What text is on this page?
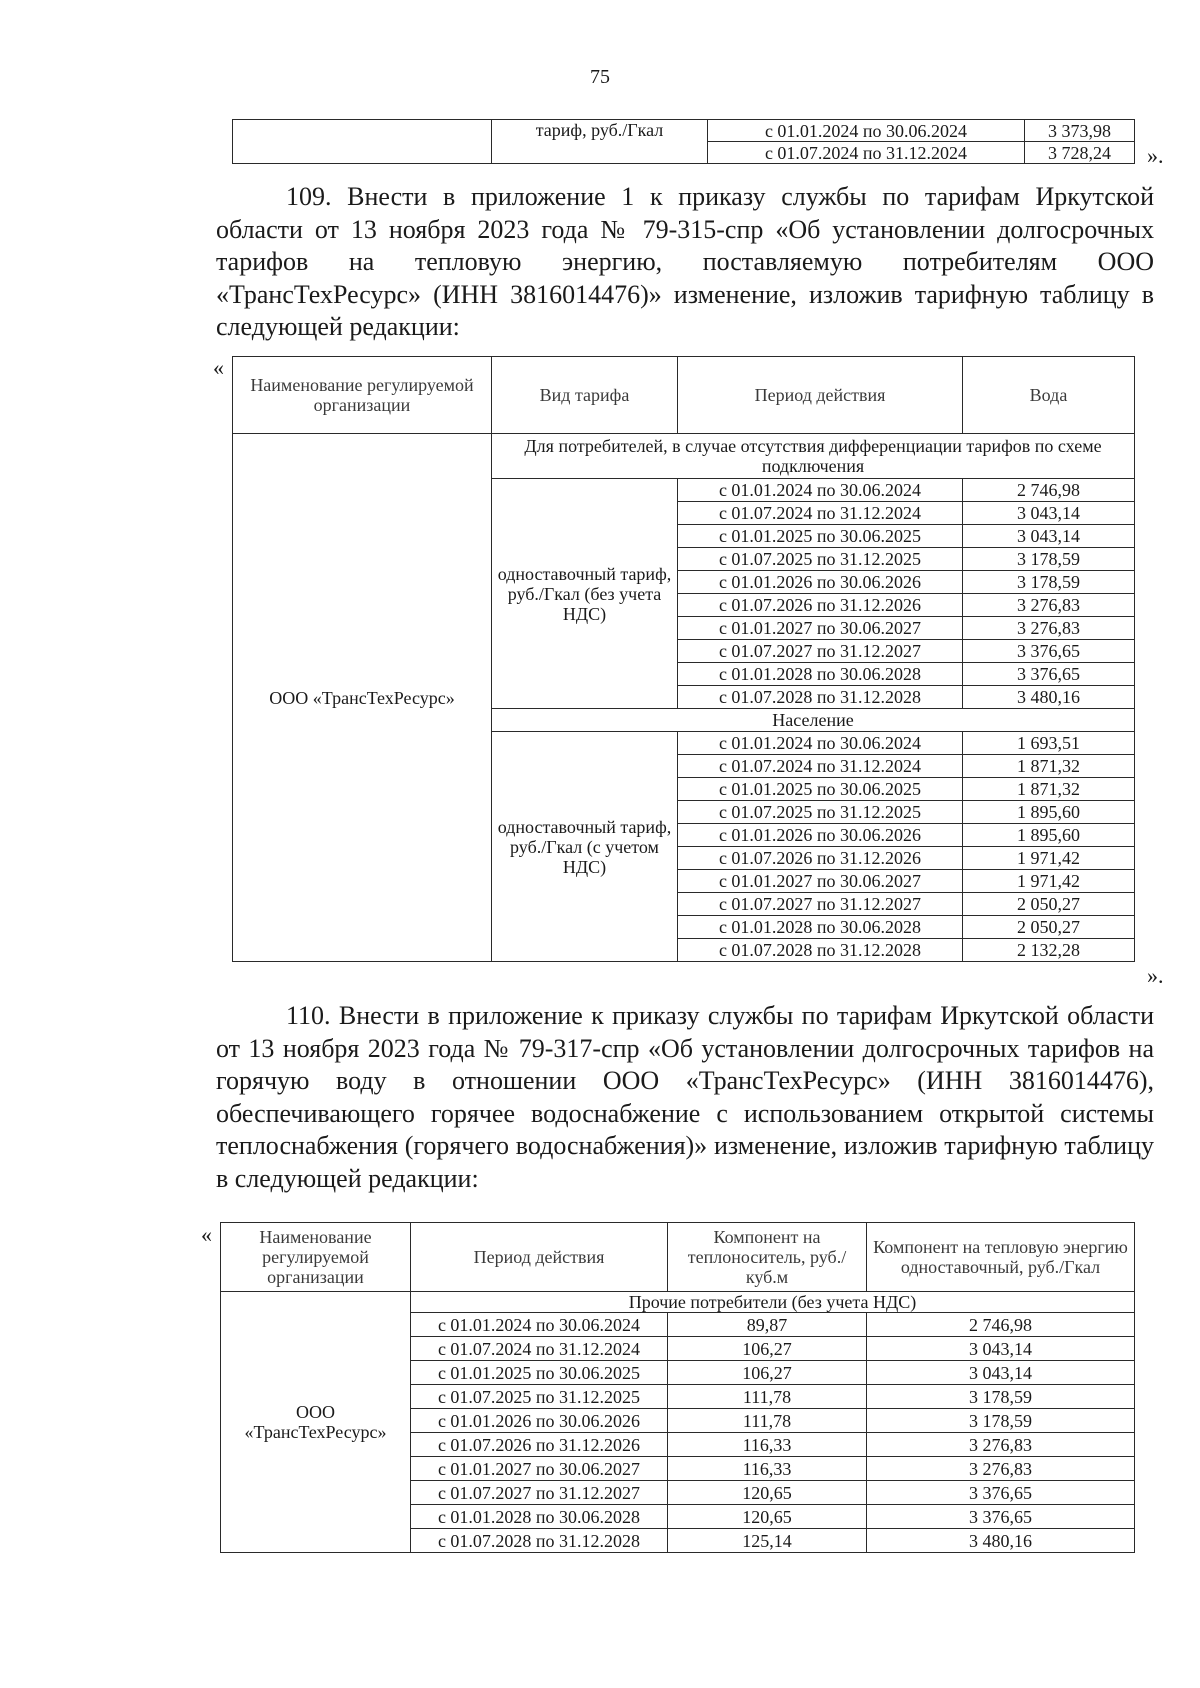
75
	тариф, руб./Гкал	с 01.01.2024 по 30.06.2024	3 373,98
		с 01.07.2024 по 31.12.2024	3 728,24 ».

109. Внести в приложение 1 к приказу службы по тарифам Иркутской области от 13 ноября 2023 года № 79-315-спр «Об установлении долгосрочных тарифов на тепловую энергию, поставляемую потребителям ООО «ТрансТехРесурс» (ИНН 3816014476)» изменение, изложив тарифную таблицу в следующей редакции:

«
Наименование регулируемой организации	Вид тарифа	Период действия	Вода
ООО «ТрансТехРесурс»	Для потребителей, в случае отсутствия дифференциации тарифов по схеме подключения		
	одноставочный тариф, руб./Гкал (без учета НДС)	с 01.01.2024 по 30.06.2024	2 746,98
		с 01.07.2024 по 31.12.2024	3 043,14
		с 01.01.2025 по 30.06.2025	3 043,14
		с 01.07.2025 по 31.12.2025	3 178,59
		с 01.01.2026 по 30.06.2026	3 178,59
		с 01.07.2026 по 31.12.2026	3 276,83
		с 01.01.2027 по 30.06.2027	3 276,83
		с 01.07.2027 по 31.12.2027	3 376,65
		с 01.01.2028 по 30.06.2028	3 376,65
		с 01.07.2028 по 31.12.2028	3 480,16
	Население		
	одноставочный тариф, руб./Гкал (с учетом НДС)	с 01.01.2024 по 30.06.2024	1 693,51
		с 01.07.2024 по 31.12.2024	1 871,32
		с 01.01.2025 по 30.06.2025	1 871,32
		с 01.07.2025 по 31.12.2025	1 895,60
		с 01.01.2026 по 30.06.2026	1 895,60
		с 01.07.2026 по 31.12.2026	1 971,42
		с 01.01.2027 по 30.06.2027	1 971,42
		с 01.07.2027 по 31.12.2027	2 050,27
		с 01.01.2028 по 30.06.2028	2 050,27
		с 01.07.2028 по 31.12.2028	2 132,28
».

110. Внести в приложение к приказу службы по тарифам Иркутской области от 13 ноября 2023 года № 79-317-спр «Об установлении долгосрочных тарифов на горячую воду в отношении ООО «ТрансТехРесурс» (ИНН 3816014476), обеспечивающего горячее водоснабжение с использованием открытой системы теплоснабжения (горячего водоснабжения)» изменение, изложив тарифную таблицу в следующей редакции:

«	Наименование регулируемой организации	Период действия	Компонент на теплоноситель, руб./куб.м	Компонент на тепловую энергию одноставочный, руб./Гкал
ООО «ТрансТехРесурс»	Прочие потребители (без учета НДС)		
	с 01.01.2024 по 30.06.2024	89,87	2 746,98
	с 01.07.2024 по 31.12.2024	106,27	3 043,14
	с 01.01.2025 по 30.06.2025	106,27	3 043,14
	с 01.07.2025 по 31.12.2025	111,78	3 178,59
	с 01.01.2026 по 30.06.2026	111,78	3 178,59
	с 01.07.2026 по 31.12.2026	116,33	3 276,83
	с 01.01.2027 по 30.06.2027	116,33	3 276,83
	с 01.07.2027 по 31.12.2027	120,65	3 376,65
	с 01.01.2028 по 30.06.2028	120,65	3 376,65
	с 01.07.2028 по 31.12.2028	125,14	3 480,16
